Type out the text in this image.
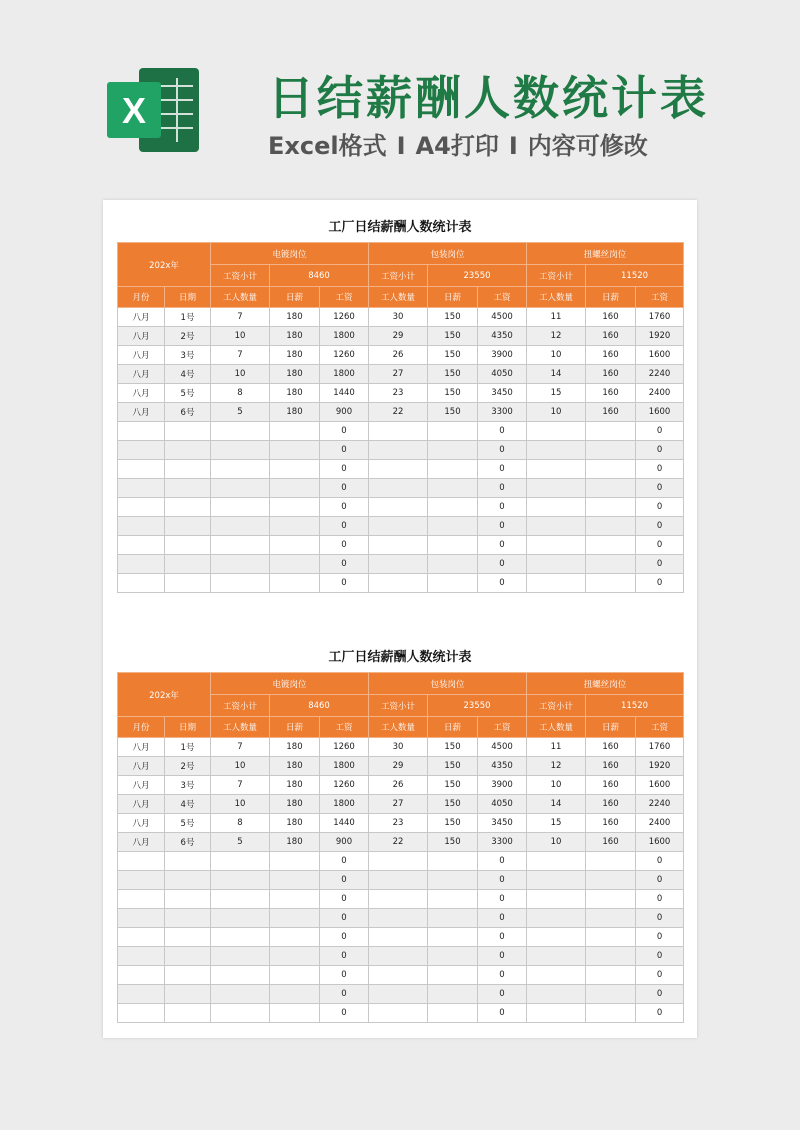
X	日结薪酬人数统计表
Excel格式 I A4打印 I 内容可修改
工厂日结薪酬人数统计表
202x年		电镀岗位			包装岗位			扭螺丝岗位		
		工资小计	8460		工资小计	23550		工资小计	11520	
月份	日期	工人数量	日薪	工资	工人数量	日薪	工资	工人数量	日薪	工资
八月	1号	7	180	1260	30	150	4500	11	160	1760
八月	2号	10	180	1800	29	150	4350	12	160	1920
八月	3号	7	180	1260	26	150	3900	10	160	1600
八月	4号	10	180	1800	27	150	4050	14	160	2240
八月	5号	8	180	1440	23	150	3450	15	160	2400
八月	6号	5	180	900	22	150	3300	10	160	1600
				0			0			0
				0			0			0
				0			0			0
				0			0			0
				0			0			0
				0			0			0
				0			0			0
				0			0			0
				0			0			0
工厂日结薪酬人数统计表
202x年		电镀岗位			包装岗位			扭螺丝岗位		
		工资小计	8460		工资小计	23550		工资小计	11520	
月份	日期	工人数量	日薪	工资	工人数量	日薪	工资	工人数量	日薪	工资
八月	1号	7	180	1260	30	150	4500	11	160	1760
八月	2号	10	180	1800	29	150	4350	12	160	1920
八月	3号	7	180	1260	26	150	3900	10	160	1600
八月	4号	10	180	1800	27	150	4050	14	160	2240
八月	5号	8	180	1440	23	150	3450	15	160	2400
八月	6号	5	180	900	22	150	3300	10	160	1600
				0			0			0
				0			0			0
				0			0			0
				0			0			0
				0			0			0
				0			0			0
				0			0			0
				0			0			0
				0			0			0
